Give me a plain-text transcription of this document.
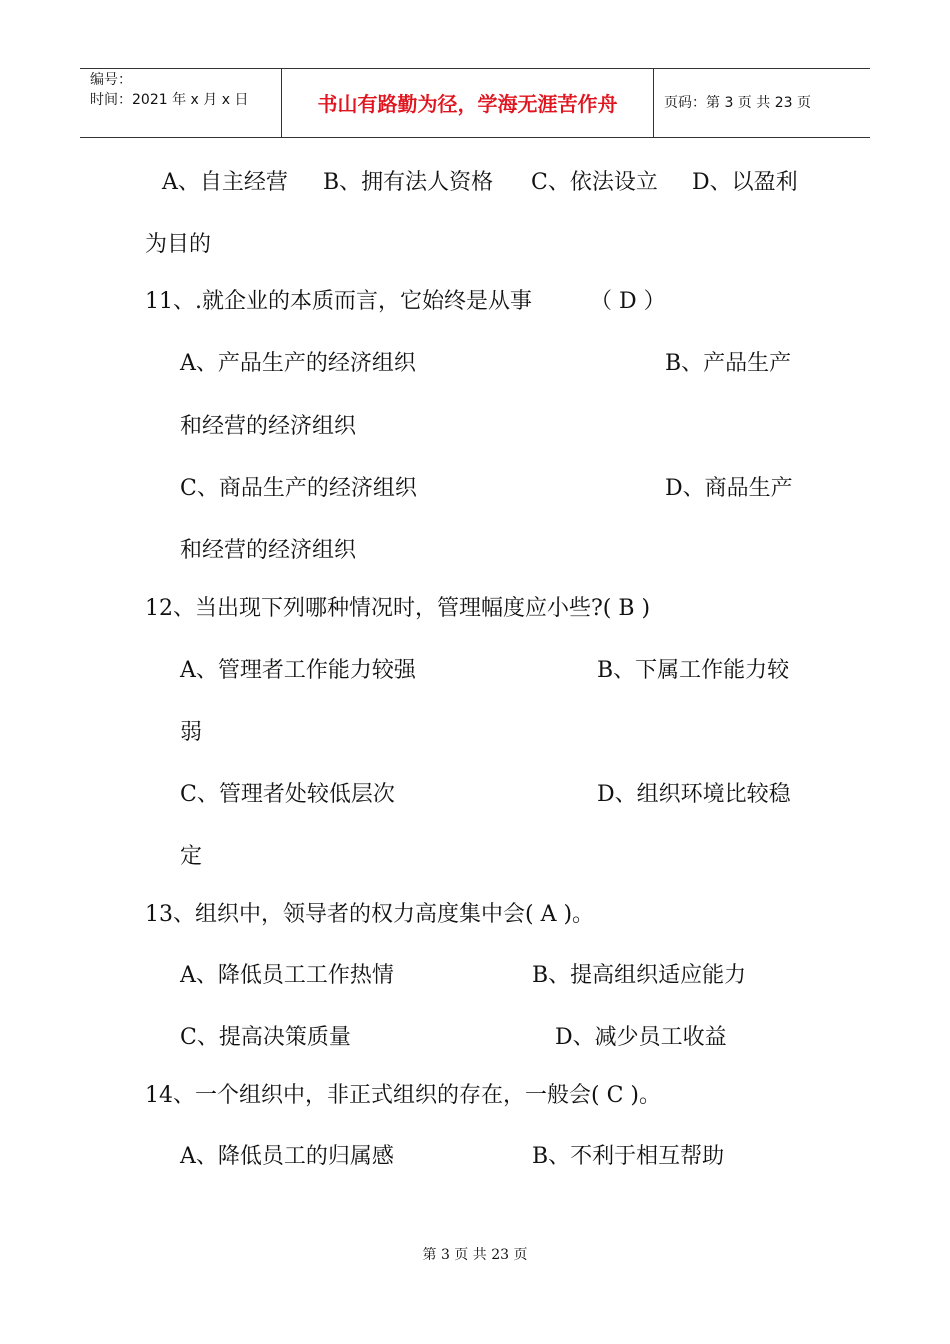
编号：
时间：2021 年 x 月 x 日	书山有路勤为径，学海无涯苦作舟	页码：第 3 页 共 23 页
A、自主经营 B、拥有法人资格 C、依法设立 D、以盈利
为目的
11、.就企业的本质而言，它始终是从事	（ D ）
A、产品生产的经济组织	B、产品生产
和经营的经济组织
C、商品生产的经济组织	D、商品生产
和经营的经济组织
12、当出现下列哪种情况时，管理幅度应小些?( B )
A、管理者工作能力较强	B、下属工作能力较
弱
C、管理者处较低层次	D、组织环境比较稳
定
13、组织中，领导者的权力高度集中会( A )。
A、降低员工工作热情	B、提高组织适应能力
C、提高决策质量	D、减少员工收益
14、一个组织中，非正式组织的存在，一般会( C )。
A、降低员工的归属感	B、不利于相互帮助
第 3 页 共 23 页
